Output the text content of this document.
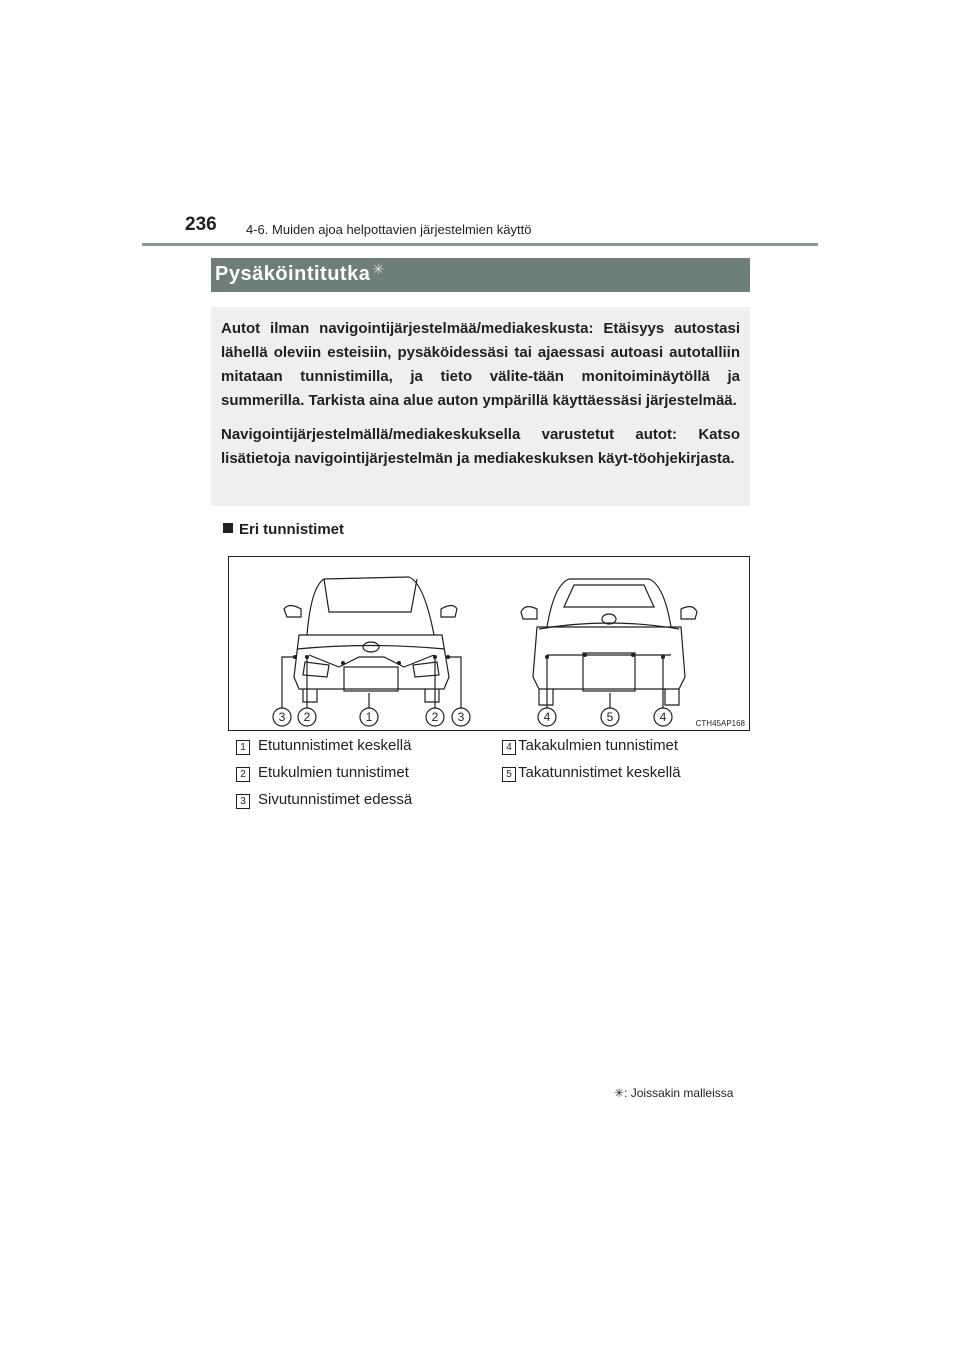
236 4-6. Muiden ajoa helpottavien järjestelmien käyttö
Pysäköintitutka ✳

Autot ilman navigointijärjestelmää/mediakeskusta: Etäisyys autostasi lähellä oleviin esteisiin, pysäköidessäsi tai ajaessasi autoasi autotalliin mitataan tunnistimilla, ja tieto välite-tään monitoiminäytöllä ja summerilla. Tarkista aina alue auton ympärillä käyttäessäsi järjestelmää.

Navigointijärjestelmällä/mediakeskuksella varustetut autot: Katso lisätietoja navigointijärjestelmän ja mediakeskuksen käyt-töohjekirjasta.

Eri tunnistimet
3 2	1	2 3	4	5	4	CTH45AP168
1 Etutunnistimet keskellä
2 Etukulmien tunnistimet
3 Sivutunnistimet edessä
4 Takakulmien tunnistimet
5 Takatunnistimet keskellä
✳: Joissakin malleissa
